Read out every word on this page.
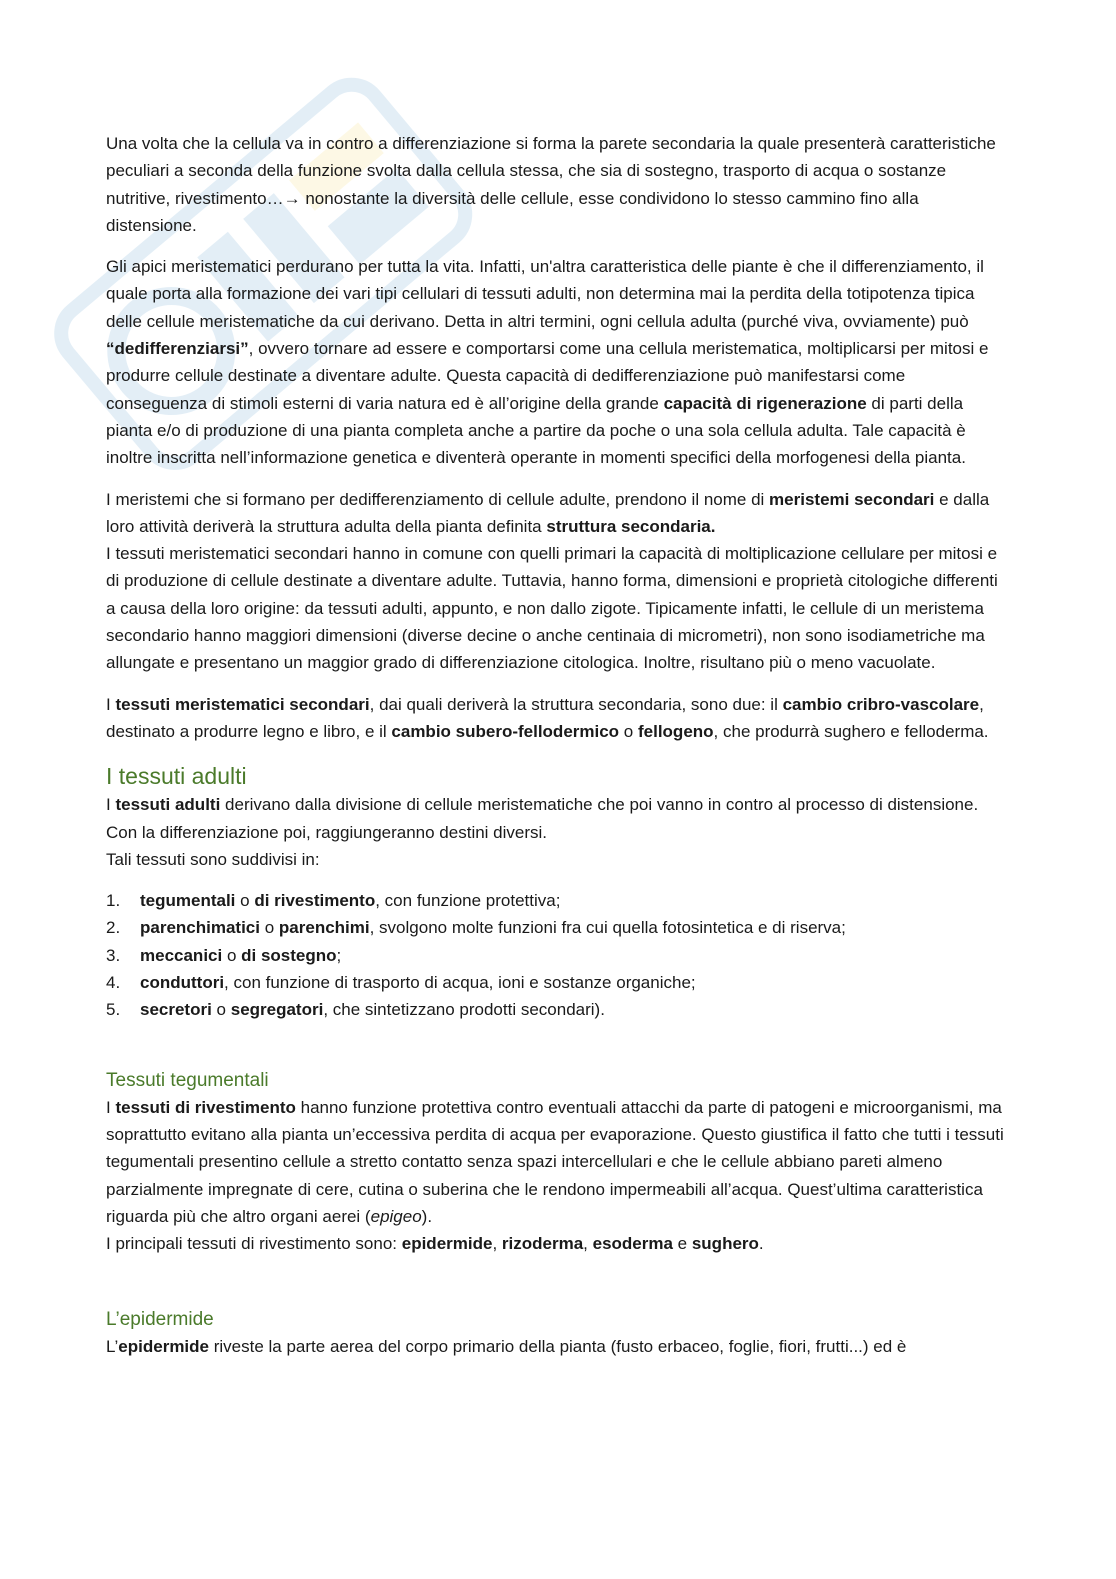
Una volta che la cellula va in contro a differenziazione si forma la parete secondaria la quale presenterà caratteristiche peculiari a seconda della funzione svolta dalla cellula stessa, che sia di sostegno, trasporto di acqua o sostanze nutritive, rivestimento…→ nonostante la diversità delle cellule, esse condividono lo stesso cammino fino alla distensione.

Gli apici meristematici perdurano per tutta la vita. Infatti, un'altra caratteristica delle piante è che il differenziamento, il quale porta alla formazione dei vari tipi cellulari di tessuti adulti, non determina mai la perdita della totipotenza tipica delle cellule meristematiche da cui derivano. Detta in altri termini, ogni cellula adulta (purché viva, ovviamente) può “dedifferenziarsi”, ovvero tornare ad essere e comportarsi come una cellula meristematica, moltiplicarsi per mitosi e produrre cellule destinate a diventare adulte. Questa capacità di dedifferenziazione può manifestarsi come conseguenza di stimoli esterni di varia natura ed è all’origine della grande capacità di rigenerazione di parti della pianta e/o di produzione di una pianta completa anche a partire da poche o una sola cellula adulta. Tale capacità è inoltre inscritta nell’informazione genetica e diventerà operante in momenti specifici della morfogenesi della pianta.

I meristemi che si formano per dedifferenziamento di cellule adulte, prendono il nome di meristemi secondari e dalla loro attività deriverà la struttura adulta della pianta definita struttura secondaria.
I tessuti meristematici secondari hanno in comune con quelli primari la capacità di moltiplicazione cellulare per mitosi e di produzione di cellule destinate a diventare adulte. Tuttavia, hanno forma, dimensioni e proprietà citologiche differenti a causa della loro origine: da tessuti adulti, appunto, e non dallo zigote. Tipicamente infatti, le cellule di un meristema secondario hanno maggiori dimensioni (diverse decine o anche centinaia di micrometri), non sono isodiametriche ma allungate e presentano un maggior grado di differenziazione citologica. Inoltre, risultano più o meno vacuolate.

I tessuti meristematici secondari, dai quali deriverà la struttura secondaria, sono due: il cambio cribro-vascolare, destinato a produrre legno e libro, e il cambio subero-fellodermico o fellogeno, che produrrà sughero e felloderma.

I tessuti adulti

I tessuti adulti derivano dalla divisione di cellule meristematiche che poi vanno in contro al processo di distensione. Con la differenziazione poi, raggiungeranno destini diversi.
Tali tessuti sono suddivisi in:

1.	tegumentali o di rivestimento, con funzione protettiva;
2.	parenchimatici o parenchimi, svolgono molte funzioni fra cui quella fotosintetica e di riserva;
3.	meccanici o di sostegno;
4.	conduttori, con funzione di trasporto di acqua, ioni e sostanze organiche;
5.	secretori o segregatori, che sintetizzano prodotti secondari).
Tessuti tegumentali

I tessuti di rivestimento hanno funzione protettiva contro eventuali attacchi da parte di patogeni e microorganismi, ma soprattutto evitano alla pianta un’eccessiva perdita di acqua per evaporazione. Questo giustifica il fatto che tutti i tessuti tegumentali presentino cellule a stretto contatto senza spazi intercellulari e che le cellule abbiano pareti almeno parzialmente impregnate di cere, cutina o suberina che le rendono impermeabili all’acqua. Quest’ultima caratteristica riguarda più che altro organi aerei (epigeo).
I principali tessuti di rivestimento sono: epidermide, rizoderma, esoderma e sughero.

L’epidermide

L’epidermide riveste la parte aerea del corpo primario della pianta (fusto erbaceo, foglie, fiori, frutti...) ed è
